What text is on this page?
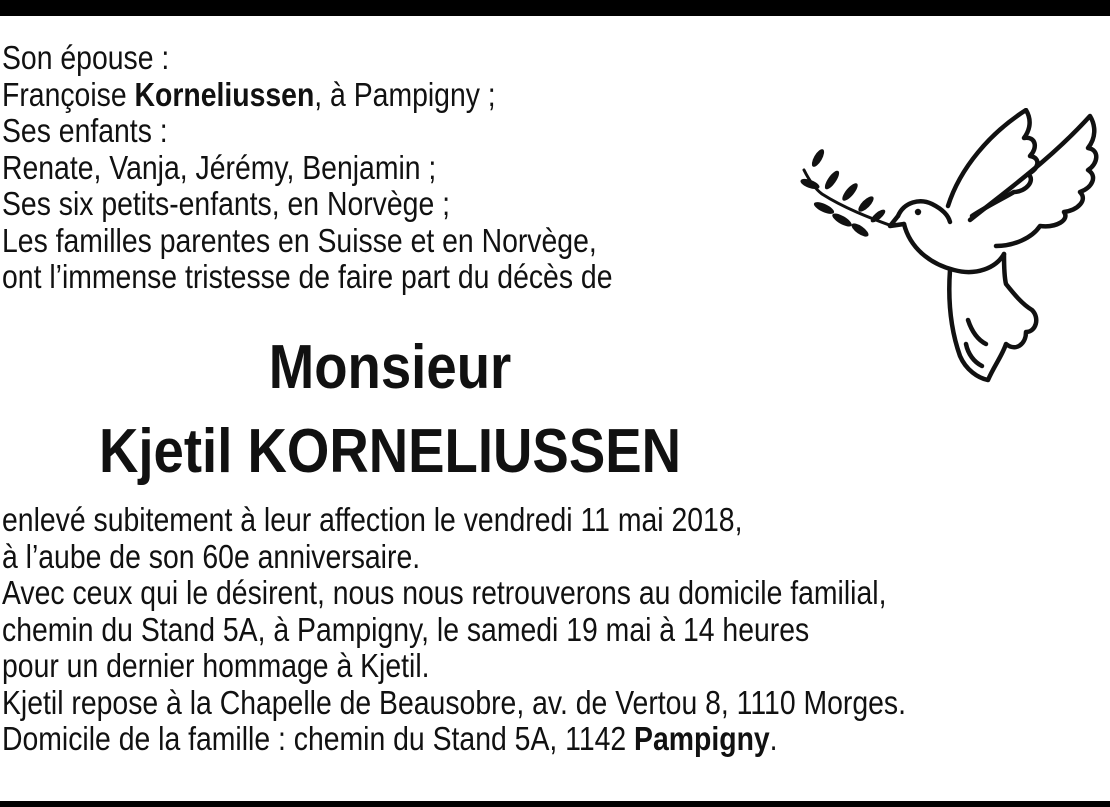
Son épouse :
Françoise Korneliussen, à Pampigny ;
Ses enfants :
Renate, Vanja, Jérémy, Benjamin ;
Ses six petits-enfants, en Norvège ;
Les familles parentes en Suisse et en Norvège,
ont l’immense tristesse de faire part du décès de
Monsieur
Kjetil KORNELIUSSEN
enlevé subitement à leur affection le vendredi 11 mai 2018,
à l’aube de son 60e anniversaire.
Avec ceux qui le désirent, nous nous retrouverons au domicile familial,
chemin du Stand 5A, à Pampigny, le samedi 19 mai à 14 heures
pour un dernier hommage à Kjetil.
Kjetil repose à la Chapelle de Beausobre, av. de Vertou 8, 1110 Morges.
Domicile de la famille : chemin du Stand 5A, 1142 Pampigny.
